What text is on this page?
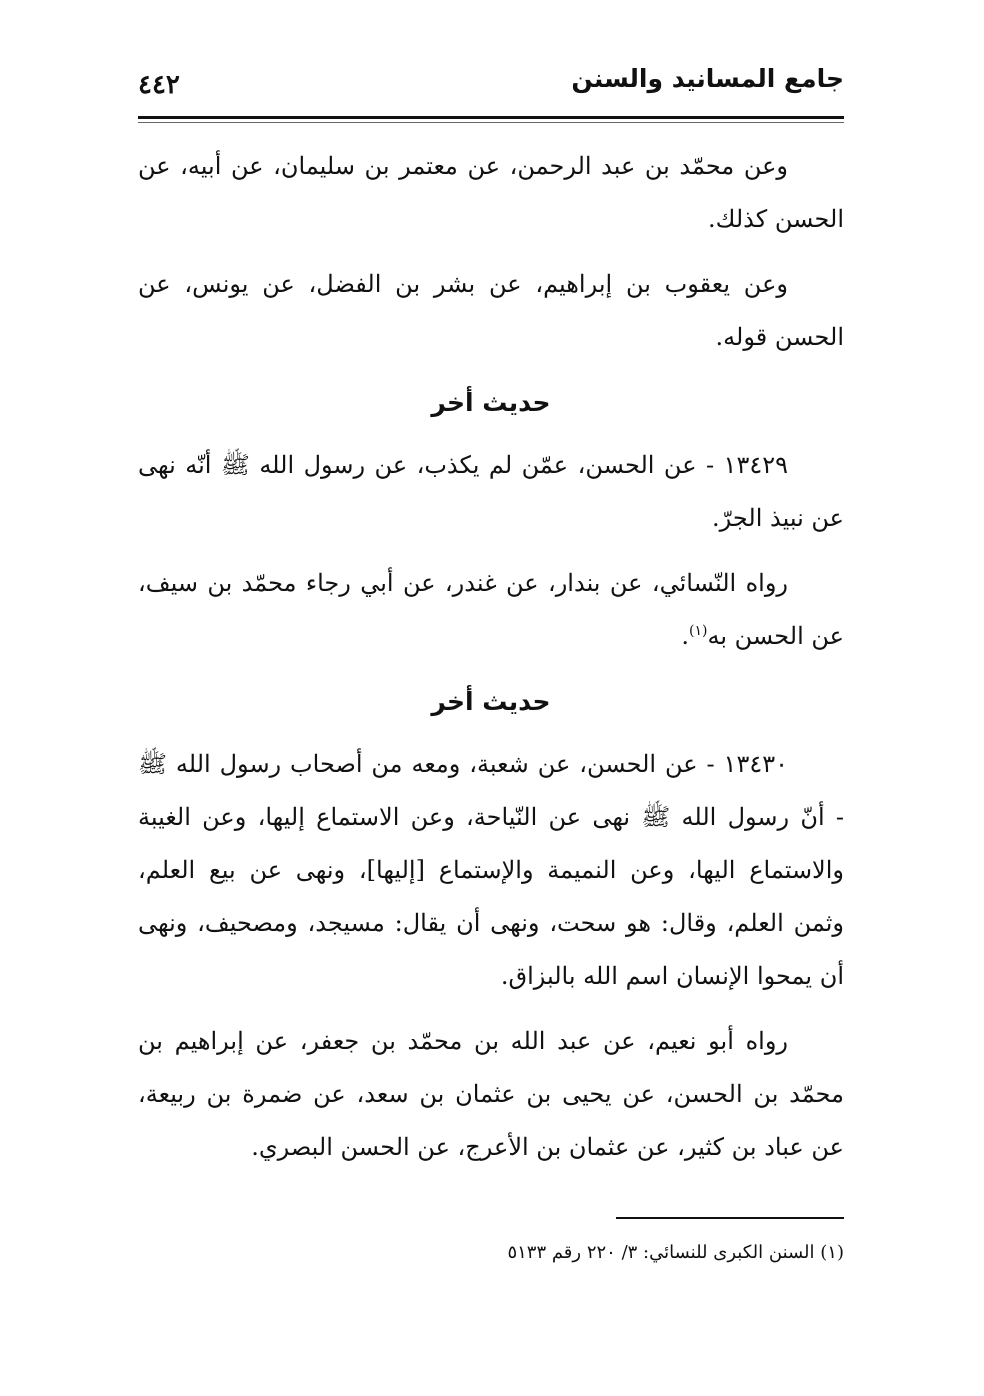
جامع المسانيد والسنن
٤٤٢

وعن محمّد بن عبد الرحمن، عن معتمر بن سليمان، عن أبيه، عن الحسن كذلك.

وعن يعقوب بن إبراهيم، عن بشر بن الفضل، عن يونس، عن الحسن قوله.

حديث أخر

١٣٤٢٩ - عن الحسن، عمّن لم يكذب، عن رسول الله ﷺ أنّه نهى عن نبيذ الجرّ.

رواه النّسائي، عن بندار، عن غندر، عن أبي رجاء محمّد بن سيف، عن الحسن به$^{(١)}$.

حديث أخر

١٣٤٣٠ - عن الحسن، عن شعبة، ومعه من أصحاب رسول الله ﷺ - أنّ رسول الله ﷺ نهى عن النّياحة، وعن الاستماع إليها، وعن الغيبة والاستماع اليها، وعن النميمة والإستماع [إليها]، ونهى عن بيع العلم، وثمن العلم، وقال: هو سحت، ونهى أن يقال: مسيجد، ومصحيف، ونهى أن يمحوا الإنسان اسم الله بالبزاق.

رواه أبو نعيم، عن عبد الله بن محمّد بن جعفر، عن إبراهيم بن محمّد بن الحسن، عن يحيى بن عثمان بن سعد، عن ضمرة بن ربيعة، عن عباد بن كثير، عن عثمان بن الأعرج، عن الحسن البصري.

(١) السنن الكبرى للنسائي: ٣/ ٢٢٠ رقم ٥١٣٣
